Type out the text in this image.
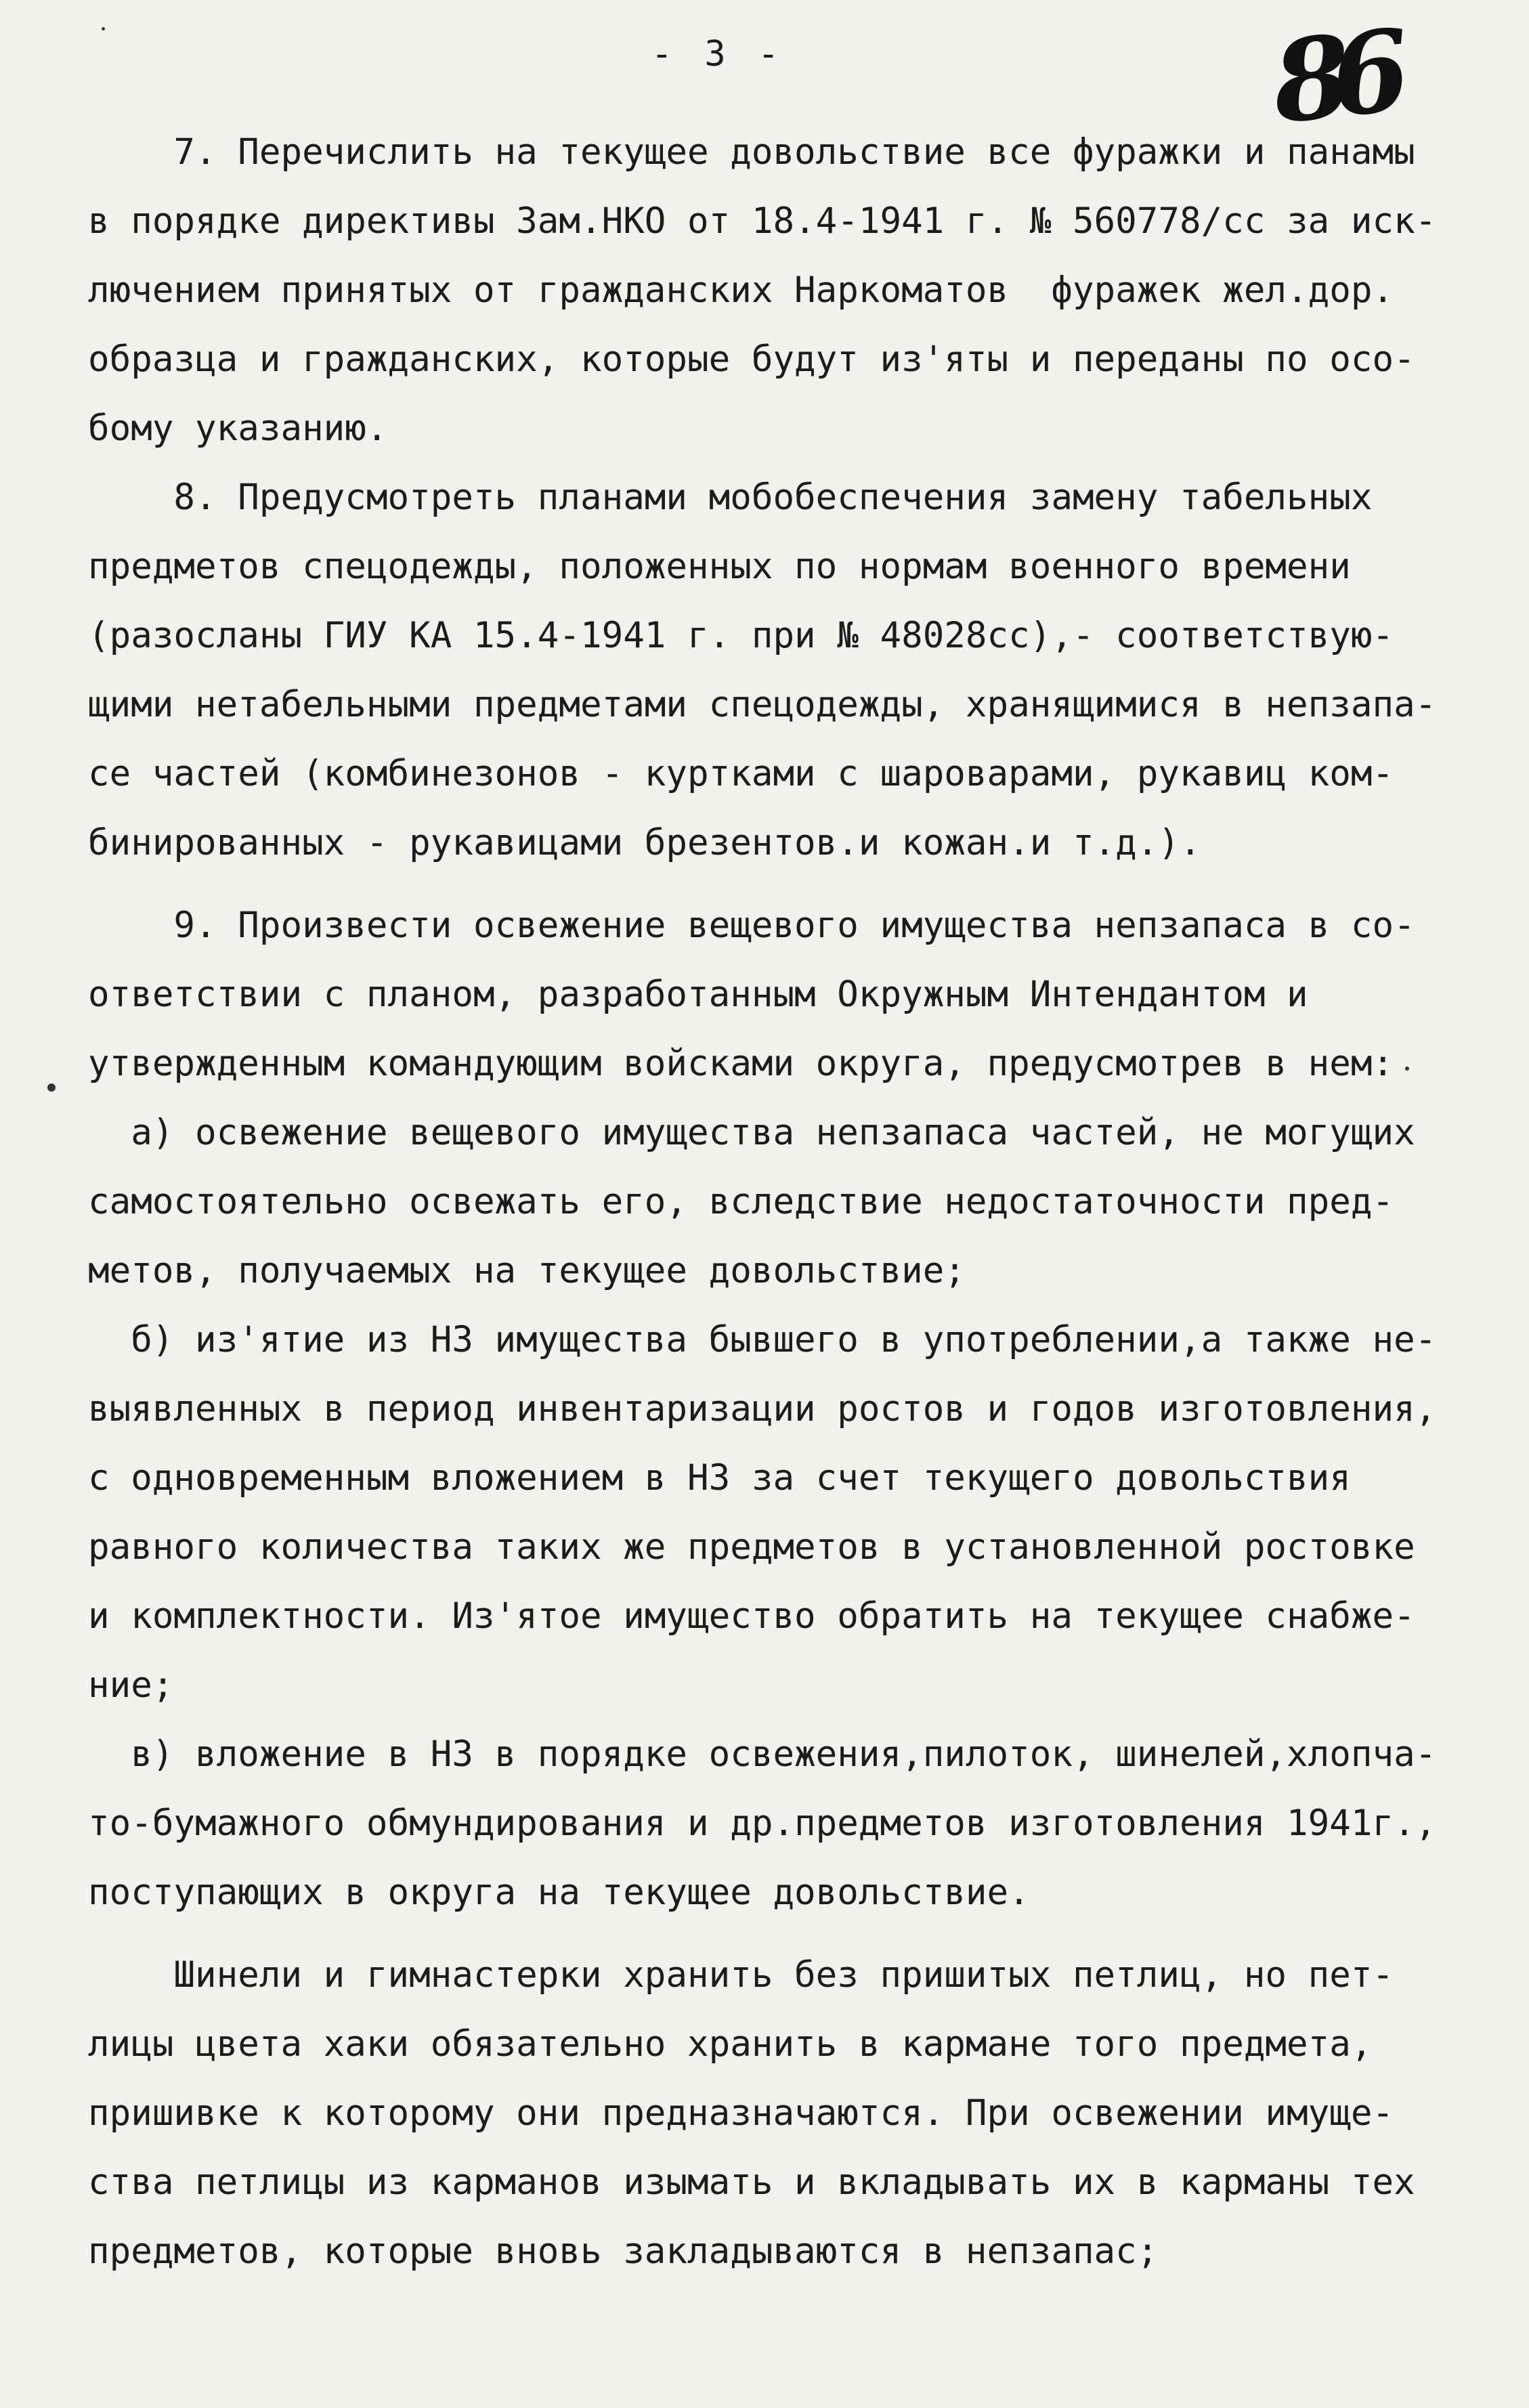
- 3 -	86
7. Перечислить на текущее довольствие все фуражки и панамы
в порядке директивы Зам.НКО от 18.4-1941 г. № 560778/сс за иск-
лючением принятых от гражданских Наркоматов  фуражек жел.дор.
образца и гражданских, которые будут из'яты и переданы по осо-
бому указанию.
8. Предусмотреть планами мобобеспечения замену табельных
предметов спецодежды, положенных по нормам военного времени
(разосланы ГИУ КА 15.4-1941 г. при № 48028сс),- соответствую-
щими нетабельными предметами спецодежды, хранящимися в непзапа-
се частей (комбинезонов - куртками с шароварами, рукавиц ком-
бинированных - рукавицами брезентов.и кожан.и т.д.).
9. Произвести освежение вещевого имущества непзапаса в со-
ответствии с планом, разработанным Окружным Интендантом и
утвержденным командующим войсками округа, предусмотрев в нем:
а) освежение вещевого имущества непзапаса частей, не могущих
самостоятельно освежать его, вследствие недостаточности пред-
метов, получаемых на текущее довольствие;
б) из'ятие из НЗ имущества бывшего в употреблении,а также не-
выявленных в период инвентаризации ростов и годов изготовления,
с одновременным вложением в НЗ за счет текущего довольствия
равного количества таких же предметов в установленной ростовке
и комплектности. Из'ятое имущество обратить на текущее снабже-
ние;
в) вложение в НЗ в порядке освежения,пилоток, шинелей,хлопча-
то-бумажного обмундирования и др.предметов изготовления 1941г.,
поступающих в округа на текущее довольствие.
Шинели и гимнастерки хранить без пришитых петлиц, но пет-
лицы цвета хаки обязательно хранить в кармане того предмета,
пришивке к которому они предназначаются. При освежении имуще-
ства петлицы из карманов изымать и вкладывать их в карманы тех
предметов, которые вновь закладываются в непзапас;
